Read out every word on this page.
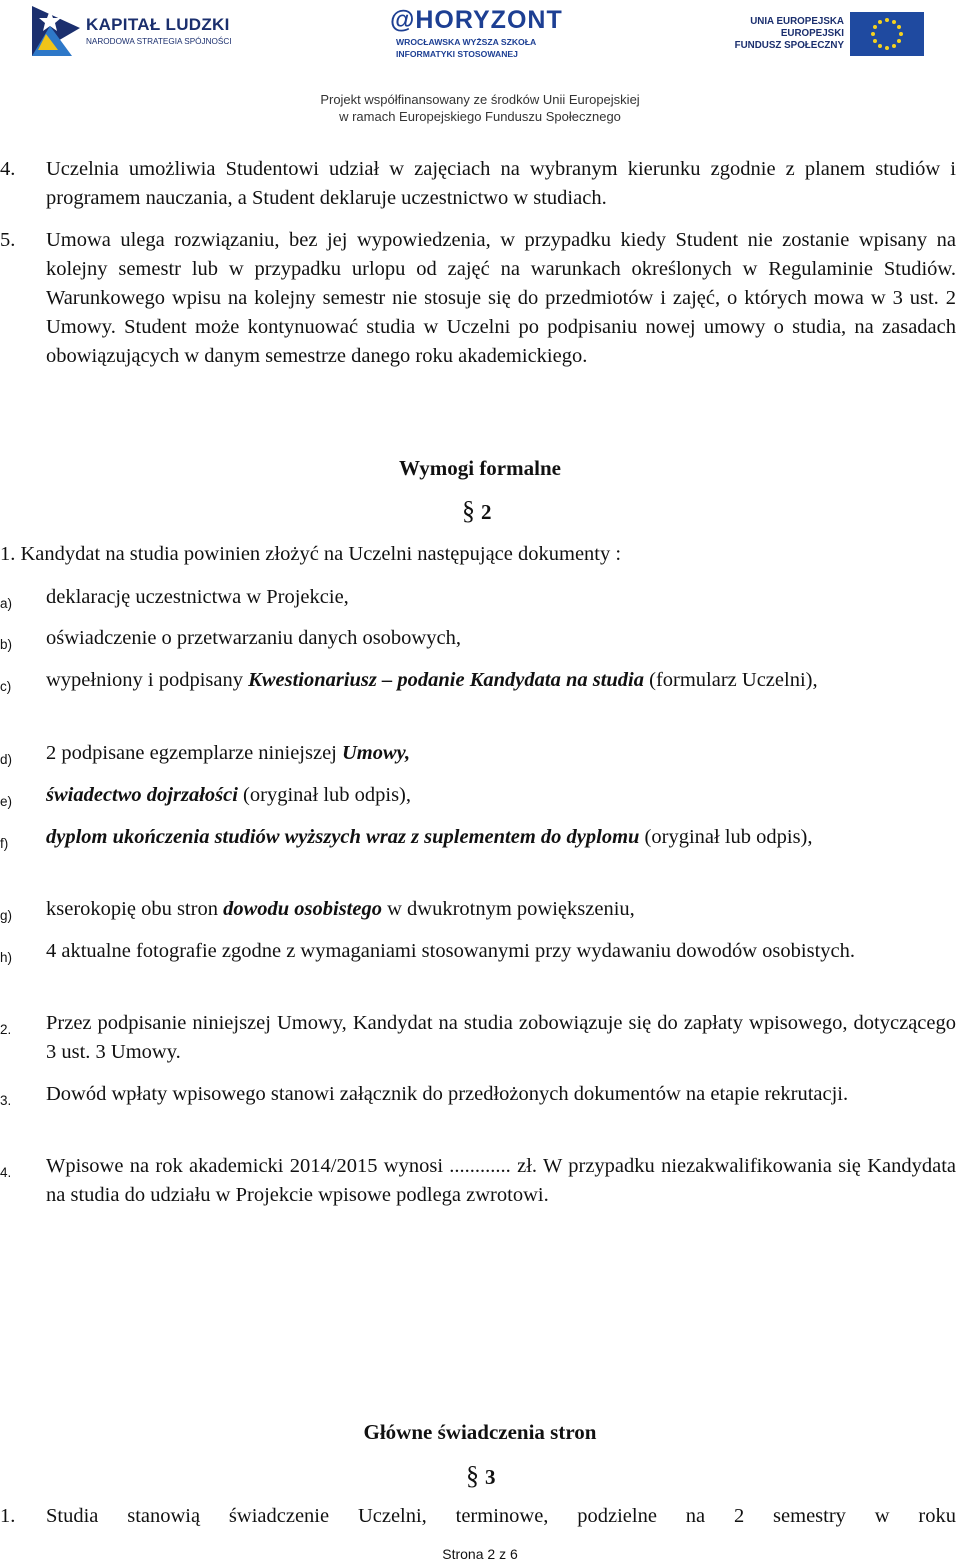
KAPITAŁ LUDZKI
NARODOWA STRATEGIA SPÓJNOŚCI
@HORYZONT
WROCŁAWSKA WYŻSZA SZKOŁA
INFORMATYKI STOSOWANEJ
UNIA EUROPEJSKA
EUROPEJSKI
FUNDUSZ SPOŁECZNY
Projekt współfinansowany ze środków Unii Europejskiej
w ramach Europejskiego Funduszu Społecznego
4. Uczelnia umożliwia Studentowi udział w zajęciach na wybranym kierunku zgodnie z planem studiów i programem nauczania, a Student deklaruje uczestnictwo w studiach.
5. Umowa ulega rozwiązaniu, bez jej wypowiedzenia, w przypadku kiedy Student nie zostanie wpisany na kolejny semestr lub w przypadku urlopu od zajęć na warunkach określonych w Regulaminie Studiów. Warunkowego wpisu na kolejny semestr nie stosuje się do przedmiotów i zajęć, o których mowa w 3 ust. 2 Umowy. Student może kontynuować studia w Uczelni po podpisaniu nowej umowy o studia, na zasadach obowiązujących w danym semestrze danego roku akademickiego.
Wymogi formalne
§ 2
1. Kandydat na studia powinien złożyć na Uczelni następujące dokumenty :
a) deklarację uczestnictwa w Projekcie,
b) oświadczenie o przetwarzaniu danych osobowych,
c) wypełniony i podpisany Kwestionariusz – podanie Kandydata na studia (formularz Uczelni),
d) 2 podpisane egzemplarze niniejszej Umowy,
e) świadectwo dojrzałości (oryginał lub odpis),
f) dyplom ukończenia studiów wyższych wraz z suplementem do dyplomu (oryginał lub odpis),
g) kserokopię obu stron dowodu osobistego w dwukrotnym powiększeniu,
h) 4 aktualne fotografie zgodne z wymaganiami stosowanymi przy wydawaniu dowodów osobistych.
2. Przez podpisanie niniejszej Umowy, Kandydat na studia zobowiązuje się do zapłaty wpisowego, dotyczącego 3 ust. 3 Umowy.
3. Dowód wpłaty wpisowego stanowi załącznik do przedłożonych dokumentów na etapie rekrutacji.
4. Wpisowe na rok akademicki 2014/2015 wynosi ............ zł. W przypadku niezakwalifikowania się Kandydata na studia do udziału w Projekcie wpisowe podlega zwrotowi.
Główne świadczenia stron
§ 3
1. Studia stanowią świadczenie Uczelni, terminowe, podzielne na 2 semestry w roku
Strona 2 z 6
